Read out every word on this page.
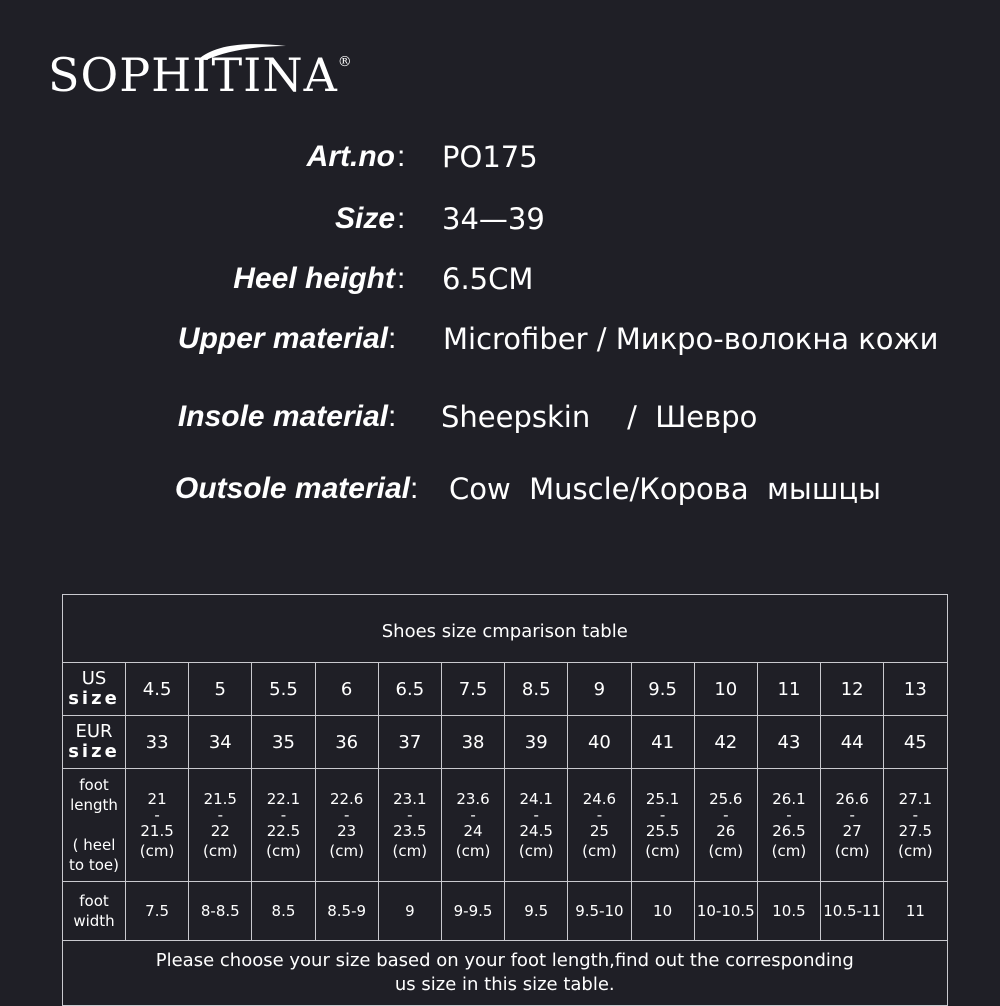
SOPHITINA®
Art.no : PO175
Size : 34—39
Heel height : 6.5CM
Upper material : Microfiber / Микро-волокна кожи
Insole material : Sheepskin    /  Шевро
Outsole material : Cow  Muscle/Корова  мышцы
Shoes size cmparison table													
US
size	4.5	5	5.5	6	6.5	7.5	8.5	9	9.5	10	11	12	13
EUR
size	33	34	35	36	37	38	39	40	41	42	43	44	45
foot
length

( heel
to toe)	21
-
21.5
(cm)	21.5
-
22
(cm)	22.1
-
22.5
(cm)	22.6
-
23
(cm)	23.1
-
23.5
(cm)	23.6
-
24
(cm)	24.1
-
24.5
(cm)	24.6
-
25
(cm)	25.1
-
25.5
(cm)	25.6
-
26
(cm)	26.1
-
26.5
(cm)	26.6
-
27
(cm)	27.1
-
27.5
(cm)

foot
width	7.5	8-8.5	8.5	8.5-9	9	9-9.5	9.5	9.5-10	10	10-10.5	10.5	10.5-11	11
Please choose your size based on your foot length,find out the corresponding
us size in this size table.													
